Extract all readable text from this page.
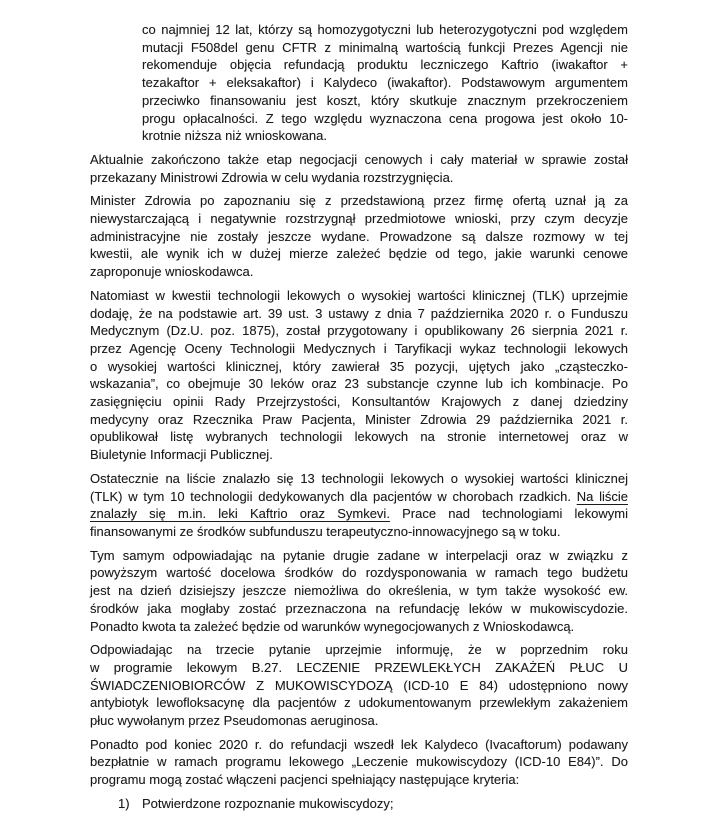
co najmniej 12 lat, którzy są homozygotyczni lub heterozygotyczni pod względem
mutacji F508del genu CFTR z minimalną wartością funkcji Prezes Agencji nie
rekomenduje objęcia refundacją produktu leczniczego Kaftrio (iwakaftor +
tezakaftor + eleksakaftor) i Kalydeco (iwakaftor). Podstawowym argumentem
przeciwko finansowaniu jest koszt, który skutkuje znacznym przekroczeniem
progu opłacalności. Z tego względu wyznaczona cena progowa jest około 10-
krotnie niższa niż wnioskowana.
Aktualnie zakończono także etap negocjacji cenowych i cały materiał w sprawie został
przekazany Ministrowi Zdrowia w celu wydania rozstrzygnięcia.
Minister Zdrowia po zapoznaniu się z przedstawioną przez firmę ofertą uznał ją za
niewystarczającą i negatywnie rozstrzygnął przedmiotowe wnioski, przy czym decyzje
administracyjne nie zostały jeszcze wydane. Prowadzone są dalsze rozmowy w tej
kwestii, ale wynik ich w dużej mierze zależeć będzie od tego, jakie warunki cenowe
zaproponuje wnioskodawca.
Natomiast w kwestii technologii lekowych o wysokiej wartości klinicznej (TLK) uprzejmie
dodaję, że na podstawie art. 39 ust. 3 ustawy z dnia 7 października 2020 r. o Funduszu
Medycznym (Dz.U. poz. 1875), został przygotowany i opublikowany 26 sierpnia 2021 r.
przez Agencję Oceny Technologii Medycznych i Taryfikacji wykaz technologii lekowych
o wysokiej wartości klinicznej, który zawierał 35 pozycji, ujętych jako „cząsteczko-
wskazania”, co obejmuje 30 leków oraz 23 substancje czynne lub ich kombinacje. Po
zasięgnięciu opinii Rady Przejrzystości, Konsultantów Krajowych z danej dziedziny
medycyny oraz Rzecznika Praw Pacjenta, Minister Zdrowia 29 października 2021 r.
opublikował listę wybranych technologii lekowych na stronie internetowej oraz w
Biuletynie Informacji Publicznej.
Ostatecznie na liście znalazło się 13 technologii lekowych o wysokiej wartości klinicznej
(TLK) w tym 10 technologii dedykowanych dla pacjentów w chorobach rzadkich. Na liście
znalazły się m.in. leki Kaftrio oraz Symkevi. Prace nad technologiami lekowymi
finansowanymi ze środków subfunduszu terapeutyczno-innowacyjnego są w toku.
Tym samym odpowiadając na pytanie drugie zadane w interpelacji oraz w związku z
powyższym wartość docelowa środków do rozdysponowania w ramach tego budżetu
jest na dzień dzisiejszy jeszcze niemożliwa do określenia, w tym także wysokość ew.
środków jaka mogłaby zostać przeznaczona na refundację leków w mukowiscydozie.
Ponadto kwota ta zależeć będzie od warunków wynegocjowanych z Wnioskodawcą.
Odpowiadając na trzecie pytanie uprzejmie informuję, że w poprzednim roku
w programie lekowym B.27. LECZENIE PRZEWLEKŁYCH ZAKAŻEŃ PŁUC U
ŚWIADCZENIOBIORCÓW Z MUKOWISCYDOZĄ (ICD-10 E 84) udostępniono nowy
antybiotyk lewofloksacynę dla pacjentów z udokumentowanym przewlekłym zakażeniem
płuc wywołanym przez Pseudomonas aeruginosa.
Ponadto pod koniec 2020 r. do refundacji wszedł lek Kalydeco (Ivacaftorum) podawany
bezpłatnie w ramach programu lekowego „Leczenie mukowiscydozy (ICD-10 E84)”. Do
programu mogą zostać włączeni pacjenci spełniający następujące kryteria:
1) Potwierdzone rozpoznanie mukowiscydozy;
